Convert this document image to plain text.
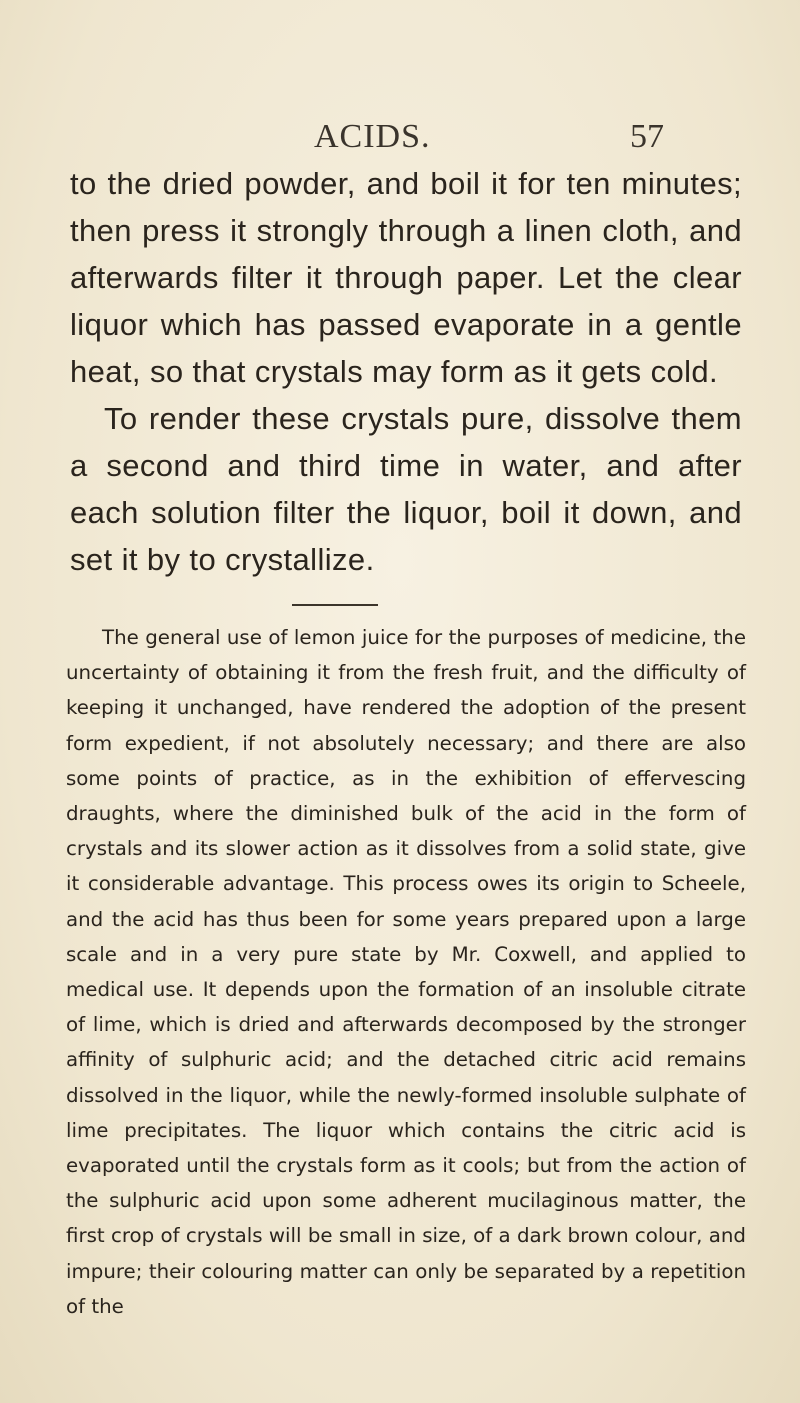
ACIDS.	57

to the dried powder, and boil it for ten minutes; then press it strongly through a linen cloth, and afterwards filter it through paper. Let the clear liquor which has passed evaporate in a gentle heat, so that crystals may form as it gets cold.

To render these crystals pure, dissolve them a second and third time in water, and after each solution filter the liquor, boil it down, and set it by to crystallize.

The general use of lemon juice for the purposes of medicine, the uncertainty of obtaining it from the fresh fruit, and the difficulty of keeping it unchanged, have rendered the adoption of the present form expedient, if not absolutely necessary; and there are also some points of practice, as in the exhibition of effervescing draughts, where the diminished bulk of the acid in the form of crystals and its slower action as it dissolves from a solid state, give it considerable advantage. This process owes its origin to Scheele, and the acid has thus been for some years prepared upon a large scale and in a very pure state by Mr. Coxwell, and applied to medical use. It depends upon the formation of an insoluble citrate of lime, which is dried and afterwards decomposed by the stronger affinity of sulphuric acid; and the detached citric acid remains dissolved in the liquor, while the newly-formed insoluble sulphate of lime precipitates. The liquor which contains the citric acid is evaporated until the crystals form as it cools; but from the action of the sulphuric acid upon some adherent mucilaginous matter, the first crop of crystals will be small in size, of a dark brown colour, and impure; their colouring matter can only be separated by a repetition of the
